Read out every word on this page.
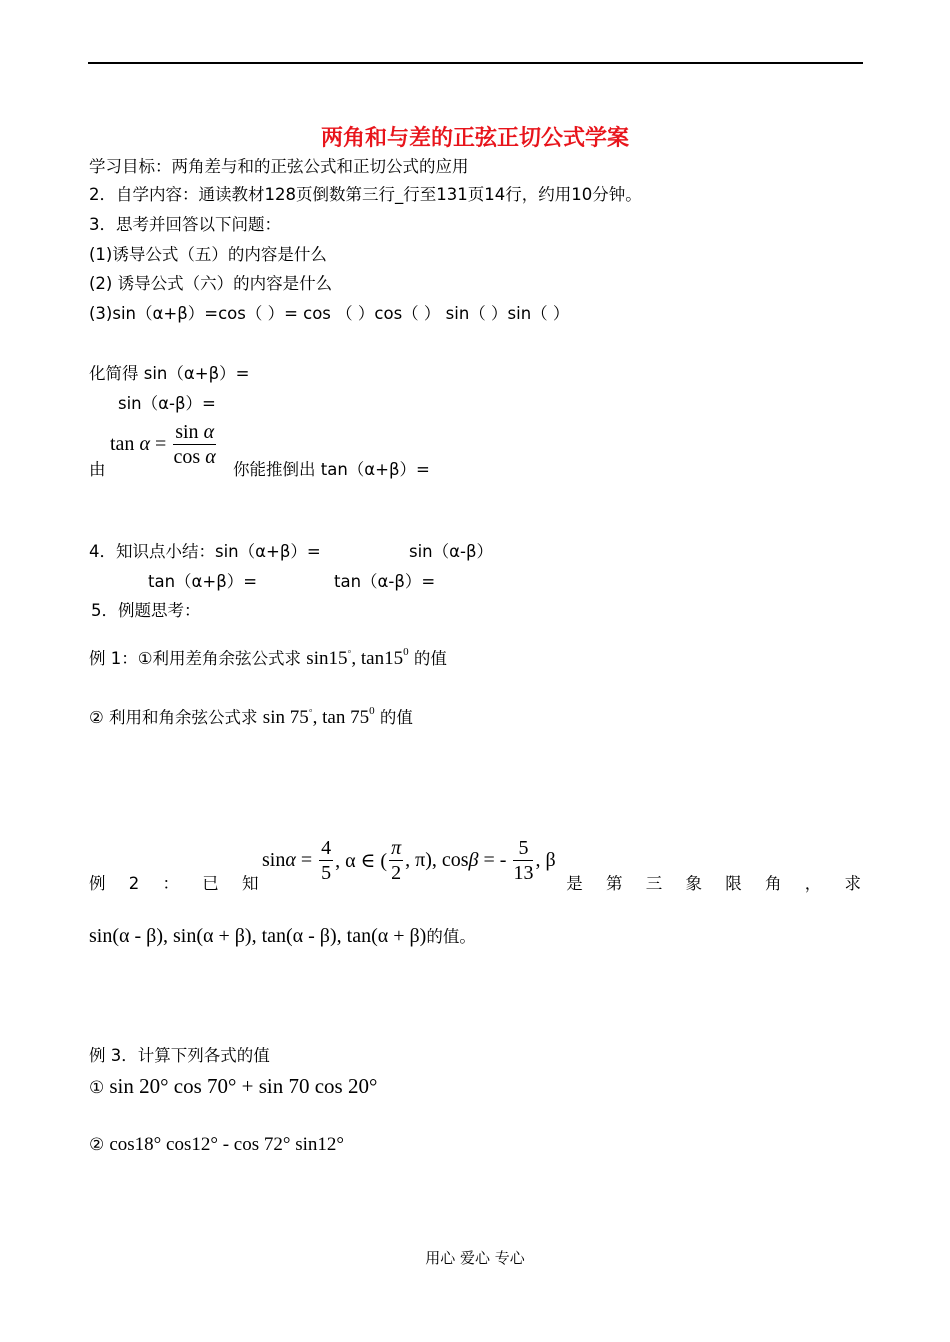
两角和与差的正弦正切公式学案
学习目标：两角差与和的正弦公式和正切公式的应用
2．自学内容：通读教材128页倒数第三行_行至131页14行，约用10分钟。
3．思考并回答以下问题：
(1)诱导公式（五）的内容是什么
(2) 诱导公式（六）的内容是什么
(3)sin（α+β）=cos（ ）= cos （ ）cos（ ） sin（ ）sin（ ）
化简得 sin（α+β）=
sin（α-β）=
由
$\tan \alpha = \frac{\text{sin α}}{\text{cos α}}$
你能推倒出 tan（α+β）=
4．知识点小结：sin（α+β）=	sin（α-β）
tan（α+β）=	tan（α-β）=
5．例题思考：
例 1：①利用差角余弦公式求 sin15◦, $\tan 15^0$ 的值
② 利用和角余弦公式求 sin 75◦, $\tan 75^0$ 的值
例 2 ： 已 知	是 第 三 象 限 角 ， 求
$\sin\alpha = \frac{4}{5}$ , α ∈ ( $\frac{\pi}{2}$ , π), cosβ = - $\frac{5}{13}$ , β
sin(α - β), sin(α + β), tan(α - β), tan(α + β)的值。
例 3．计算下列各式的值
① sin 20° cos 70° + sin 70 cos 20°
② cos18° cos12° - cos 72° sin12°
用心 爱心 专心
